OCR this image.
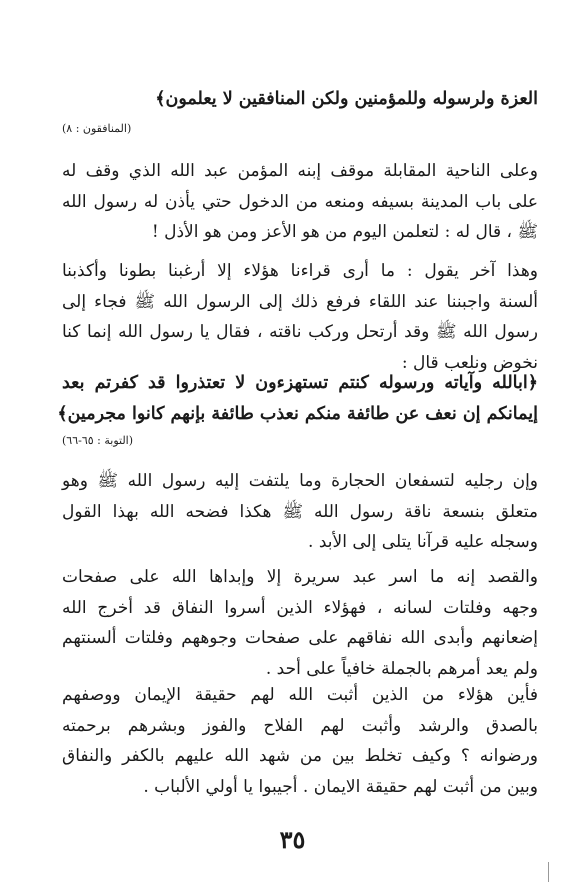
العزة ولرسوله وللمؤمنين ولكن المنافقين لا يعلمون﴾
(المنافقون : ٨)
وعلى الناحية المقابلة موقف إبنه المؤمن عبد الله الذي وقف له
على باب المدينة بسيفه ومنعه من الدخول حتي يأذن له رسول الله
ﷺ ، قال له : لتعلمن اليوم من هو الأعز ومن هو الأذل !
وهذا آخر يقول : ما أرى قراءنا هؤلاء إلا أرغبنا بطونا وأكذبنا
ألسنة واجبننا عند اللقاء فرفع ذلك إلى الرسول الله ﷺ فجاء إلى
رسول الله ﷺ وقد أرتحل وركب ناقته ، فقال يا رسول الله إنما كنا
نخوض ونلعب قال :
﴿ابالله وآياته ورسوله كنتم تستهزءون لا تعتذروا قد كفرتم بعد
إيمانكم إن نعف عن طائفة منكم نعذب طائفة بإنهم كانوا مجرمين﴾
(التوبة : ٦٥-٦٦)
وإن رجليه لتسفعان الحجارة وما يلتفت إليه رسول الله ﷺ وهو
متعلق بنسعة ناقة رسول الله ﷺ هكذا فضحه الله بهذا القول
وسجله عليه قرآنا يتلى إلى الأبد .
والقصد إنه ما اسر عبد سريرة إلا وإبداها الله على صفحات
وجهه وفلتات لسانه ، فهؤلاء الذين أسروا النفاق قد أخرج الله
إضعانهم وأبدى الله نفاقهم على صفحات وجوههم وفلتات ألسنتهم
ولم يعد أمرهم بالجملة خافياً على أحد .
فأين هؤلاء من الذين أثبت الله لهم حقيقة الإيمان ووصفهم
بالصدق والرشد وأثبت لهم الفلاح والفوز وبشرهم برحمته
ورضوانه ؟ وكيف تخلط بين من شهد الله عليهم بالكفر والنفاق
وبين من أثبت لهم حقيقة الايمان . أجيبوا يا أولي الألباب .
٣٥
